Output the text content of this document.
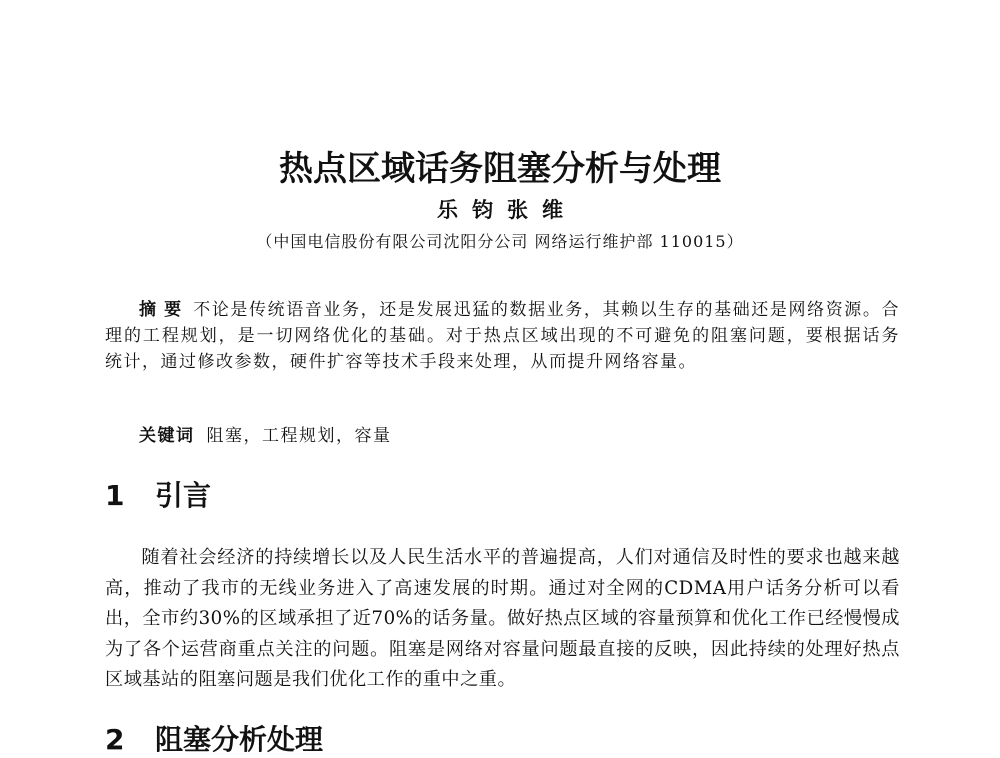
热点区域话务阻塞分析与处理
乐钧张维
（中国电信股份有限公司沈阳分公司 网络运行维护部 110015）
摘要 不论是传统语音业务，还是发展迅猛的数据业务，其赖以生存的基础还是网络资源。合理的工程规划，是一切网络优化的基础。对于热点区域出现的不可避免的阻塞问题，要根据话务统计，通过修改参数，硬件扩容等技术手段来处理，从而提升网络容量。
关键词 阻塞，工程规划，容量
1 引言
随着社会经济的持续增长以及人民生活水平的普遍提高，人们对通信及时性的要求也越来越高，推动了我市的无线业务进入了高速发展的时期。通过对全网的CDMA用户话务分析可以看出，全市约30%的区域承担了近70%的话务量。做好热点区域的容量预算和优化工作已经慢慢成为了各个运营商重点关注的问题。阻塞是网络对容量问题最直接的反映，因此持续的处理好热点区域基站的阻塞问题是我们优化工作的重中之重。
2 阻塞分析处理
